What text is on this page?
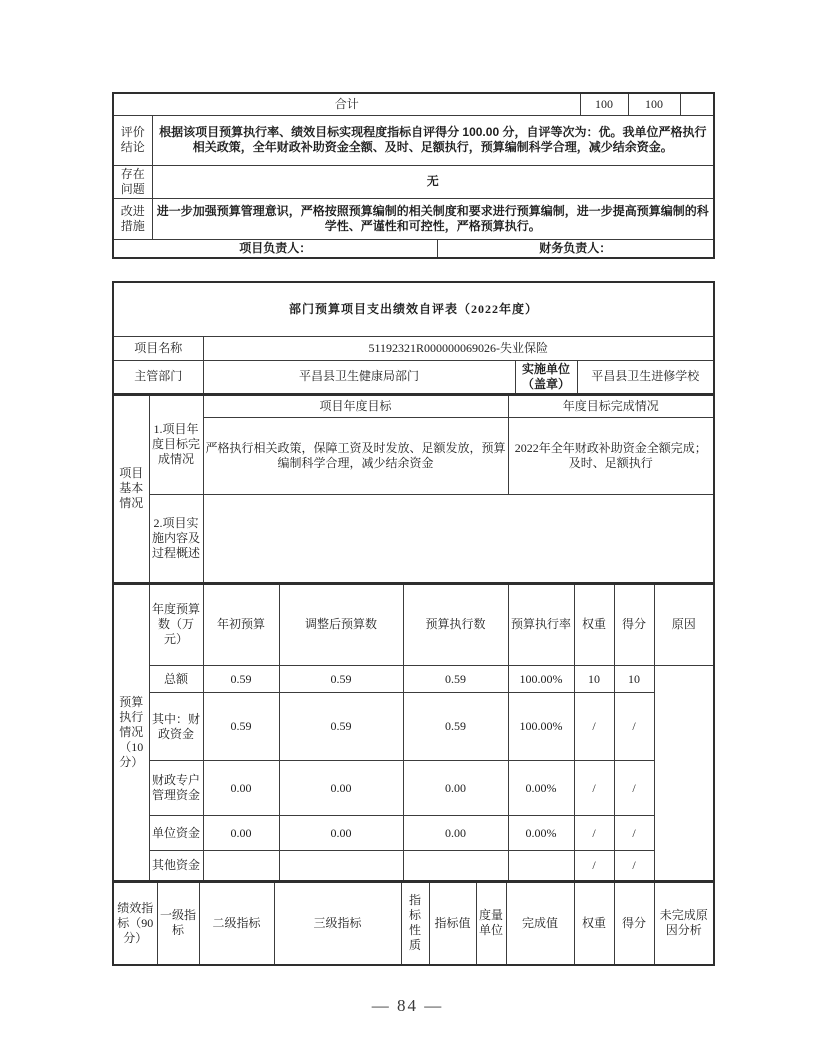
合计			100	100	
评价结论	根据该项目预算执行率、绩效目标实现程度指标自评得分 100.00 分，自评等次为：优。我单位严格执行相关政策，全年财政补助资金全额、及时、足额执行，预算编制科学合理，减少结余资金。				
存在问题	无				
改进措施	进一步加强预算管理意识，严格按照预算编制的相关制度和要求进行预算编制，进一步提高预算编制的科学性、严谨性和可控性，严格预算执行。				
项目负责人：		财务负责人：			
部门预算项目支出绩效自评表（2022年度）			
项目名称	51192321R000000069026-失业保险		
主管部门	平昌县卫生健康局部门	实施单位（盖章）	平昌县卫生进修学校
项目基本情况	1.项目年度目标完成情况	项目年度目标	年度目标完成情况
		严格执行相关政策，保障工资及时发放、足额发放，预算编制科学合理，减少结余资金	2022年全年财政补助资金全额完成；及时、足额执行
	2.项目实施内容及过程概述		
预算执行情况（10分）	年度预算数（万元）	年初预算	调整后预算数	预算执行数	预算执行率	权重	得分	原因
	总额	0.59	0.59	0.59	100.00%	10	10	
	其中：财政资金	0.59	0.59	0.59	100.00%	/	/	
	财政专户管理资金	0.00	0.00	0.00	0.00%	/	/	
	单位资金	0.00	0.00	0.00	0.00%	/	/	
	其他资金					/	/	
绩效指标（90分）	一级指标	二级指标	三级指标	指标性质	指标值	度量单位	完成值	权重	得分	未完成原因分析
— 84 —
